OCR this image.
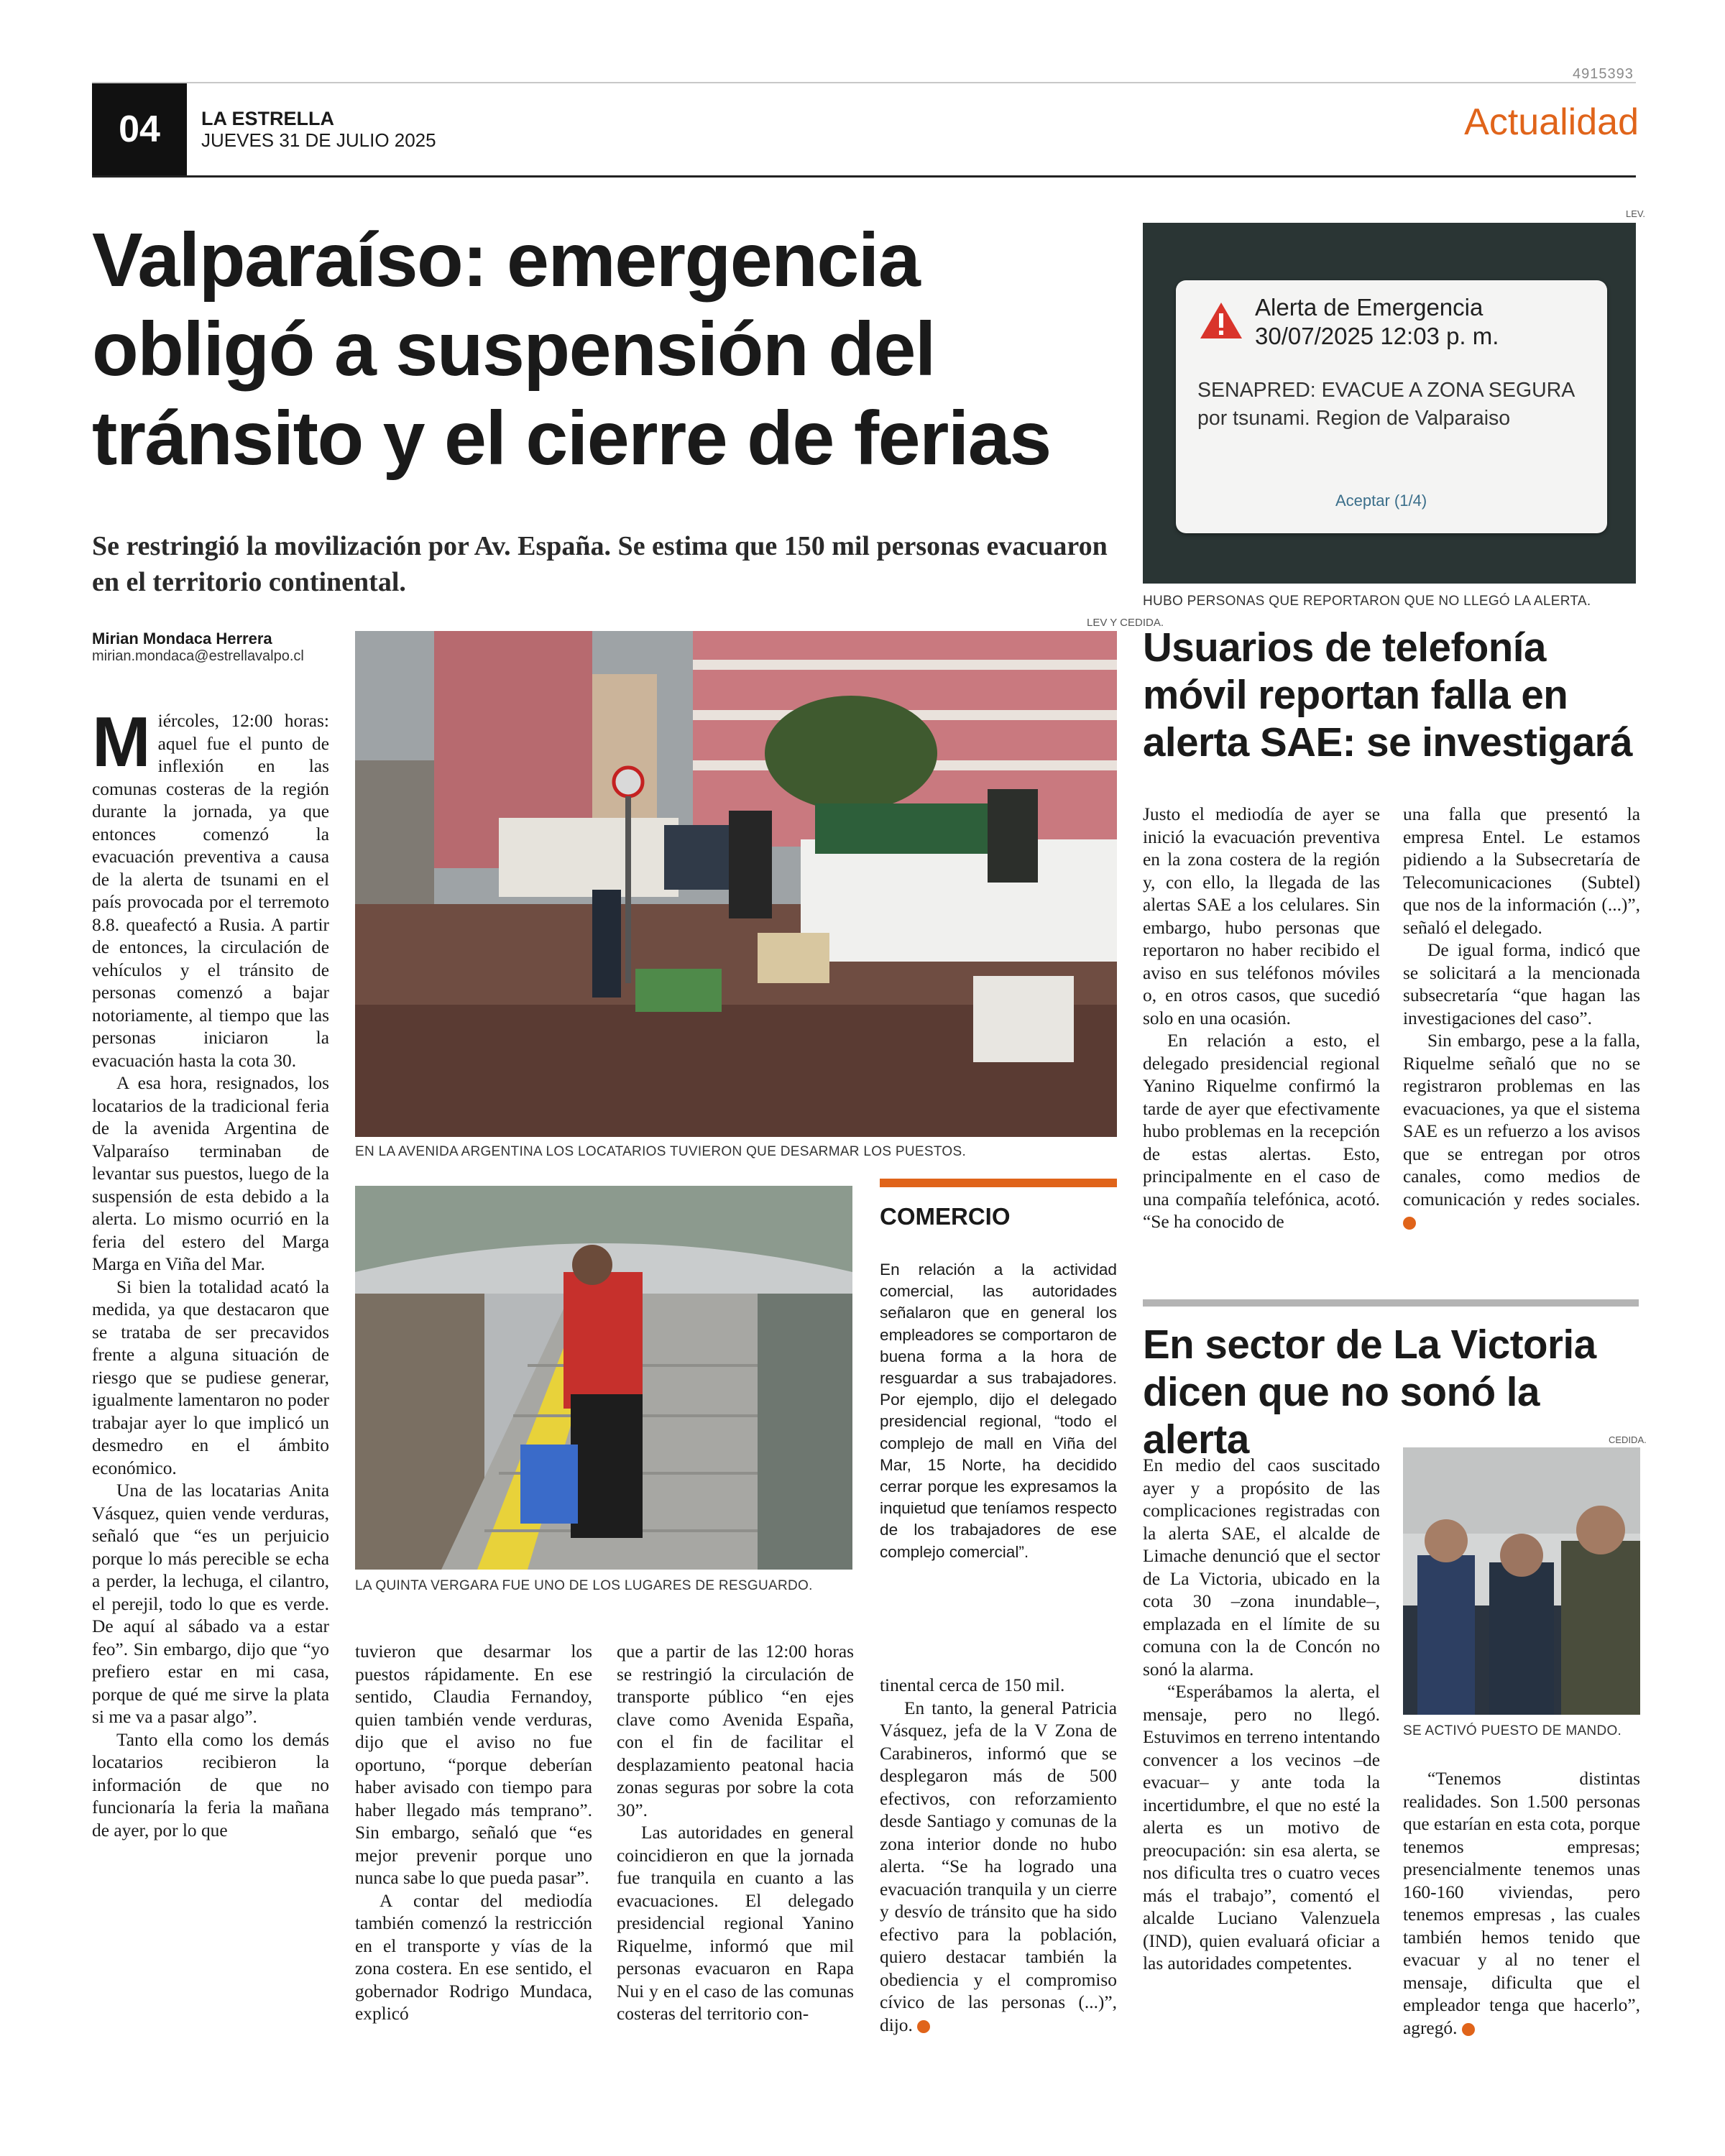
4915393
04	LA ESTRELLA
JUEVES 31 DE JULIO 2025	Actualidad
Valparaíso: emergencia obligó a suspensión del tránsito y el cierre de ferias
Se restringió la movilización por Av. España. Se estima que 150 mil personas evacuaron en el territorio continental.
Mirian Mondaca Herrera
mirian.mondaca@estrellavalpo.cl

Miércoles, 12:00 horas: aquel fue el punto de inflexión en las comunas costeras de la región durante la jornada, ya que entonces comenzó la evacuación preventiva a causa de la alerta de tsunami en el país provocada por el terremoto 8.8. queafectó a Rusia. A partir de entonces, la circulación de vehículos y el tránsito de personas comenzó a bajar notoriamente, al tiempo que las personas iniciaron la evacuación hasta la cota 30.

A esa hora, resignados, los locatarios de la tradicional feria de la avenida Argentina de Valparaíso terminaban de levantar sus puestos, luego de la suspensión de esta debido a la alerta. Lo mismo ocurrió en la feria del estero del Marga Marga en Viña del Mar.

Si bien la totalidad acató la medida, ya que destacaron que se trataba de ser precavidos frente a alguna situación de riesgo que se pudiese generar, igualmente lamentaron no poder trabajar ayer lo que implicó un desmedro en el ámbito económico.

Una de las locatarias Anita Vásquez, quien vende verduras, señaló que “es un perjuicio porque lo más perecible se echa a perder, la lechuga, el cilantro, el perejil, todo lo que es verde. De aquí al sábado va a estar feo”. Sin embargo, dijo que “yo prefiero estar en mi casa, porque de qué me sirve la plata si me va a pasar algo”.

Tanto ella como los demás locatarios recibieron la información de que no funcionaría la feria la mañana de ayer, por lo que

LEV Y CEDIDA.
EN LA AVENIDA ARGENTINA LOS LOCATARIOS TUVIERON QUE DESARMAR LOS PUESTOS.
LA QUINTA VERGARA FUE UNO DE LOS LUGARES DE RESGUARDO.
COMERCIO

En relación a la actividad comercial, las autoridades señalaron que en general los empleadores se comportaron de buena forma a la hora de resguardar a sus trabajadores. Por ejemplo, dijo el delegado presidencial regional, “todo el complejo de mall en Viña del Mar, 15 Norte, ha decidido cerrar porque les expresamos la inquietud que teníamos respecto de los trabajadores de ese complejo comercial”.

tuvieron que desarmar los puestos rápidamente. En ese sentido, Claudia Fernandoy, quien también vende verduras, dijo que el aviso no fue oportuno, “porque deberían haber avisado con tiempo para haber llegado más temprano”. Sin embargo, señaló que “es mejor prevenir porque uno nunca sabe lo que pueda pasar”.

A contar del mediodía también comenzó la restricción en el transporte y vías de la zona costera. En ese sentido, el gobernador Rodrigo Mundaca, explicó

que a partir de las 12:00 horas se restringió la circulación de transporte público “en ejes clave como Avenida España, con el fin de facilitar el desplazamiento peatonal hacia zonas seguras por sobre la cota 30”.

Las autoridades en general coincidieron en que la jornada fue tranquila en cuanto a las evacuaciones. El delegado presidencial regional Yanino Riquelme, informó que mil personas evacuaron en Rapa Nui y en el caso de las comunas costeras del territorio con-

tinental cerca de 150 mil.

En tanto, la general Patricia Vásquez, jefa de la V Zona de Carabineros, informó que se desplegaron más de 500 efectivos, con reforzamiento desde Santiago y comunas de la zona interior donde no hubo alerta. “Se ha logrado una evacuación tranquila y un cierre y desvío de tránsito que ha sido efectivo para la población, quiero destacar también la obediencia y el compromiso cívico de las personas (...)”, dijo.	+

LEV.
Alerta de Emergencia
30/07/2025 12:03 p. m.
SENAPRED: EVACUE A ZONA SEGURA por tsunami. Region de Valparaiso
Aceptar (1/4)
HUBO PERSONAS QUE REPORTARON QUE NO LLEGÓ LA ALERTA.
Usuarios de telefonía móvil reportan falla en alerta SAE: se investigará

Justo el mediodía de ayer se inició la evacuación preventiva en la zona costera de la región y, con ello, la llegada de las alertas SAE a los celulares. Sin embargo, hubo personas que reportaron no haber recibido el aviso en sus teléfonos móviles o, en otros casos, que sucedió solo en una ocasión.

En relación a esto, el delegado presidencial regional Yanino Riquelme confirmó la tarde de ayer que efectivamente hubo problemas en la recepción de estas alertas. Esto, principalmente en el caso de una compañía telefónica, acotó. “Se ha conocido de

una falla que presentó la empresa Entel. Le estamos pidiendo a la Subsecretaría de Telecomunicaciones (Subtel) que nos de la información (...)”, señaló el delegado.

De igual forma, indicó que se solicitará a la mencionada subsecretaría “que hagan las investigaciones del caso”.

Sin embargo, pese a la falla, Riquelme señaló que no se registraron problemas en las evacuaciones, ya que el sistema SAE es un refuerzo a los avisos que se entregan por otros canales, como medios de comunicación y redes sociales. +

En sector de La Victoria dicen que no sonó la alerta

En medio del caos suscitado ayer y a propósito de las complicaciones registradas con la alerta SAE, el alcalde de Limache denunció que el sector de La Victoria, ubicado en la cota 30 –zona inundable–, emplazada en el límite de su comuna con la de Concón no sonó la alarma.

“Esperábamos la alerta, el mensaje, pero no llegó. Estuvimos en terreno intentando convencer a los vecinos –de evacuar– y ante toda la incertidumbre, el que no esté la alerta es un motivo de preocupación: sin esa alerta, se nos dificulta tres o cuatro veces más el trabajo”, comentó el alcalde Luciano Valenzuela (IND), quien evaluará oficiar a las autoridades competentes.

CEDIDA.
SE ACTIVÓ PUESTO DE MANDO.

“Tenemos distintas realidades. Son 1.500 personas que estarían en esta cota, porque tenemos empresas; presencialmente tenemos unas 160-160 viviendas, pero tenemos empresas , las cuales también hemos tenido que evacuar y al no tener el mensaje, dificulta que el empleador tenga que hacerlo”, agregó.	+
